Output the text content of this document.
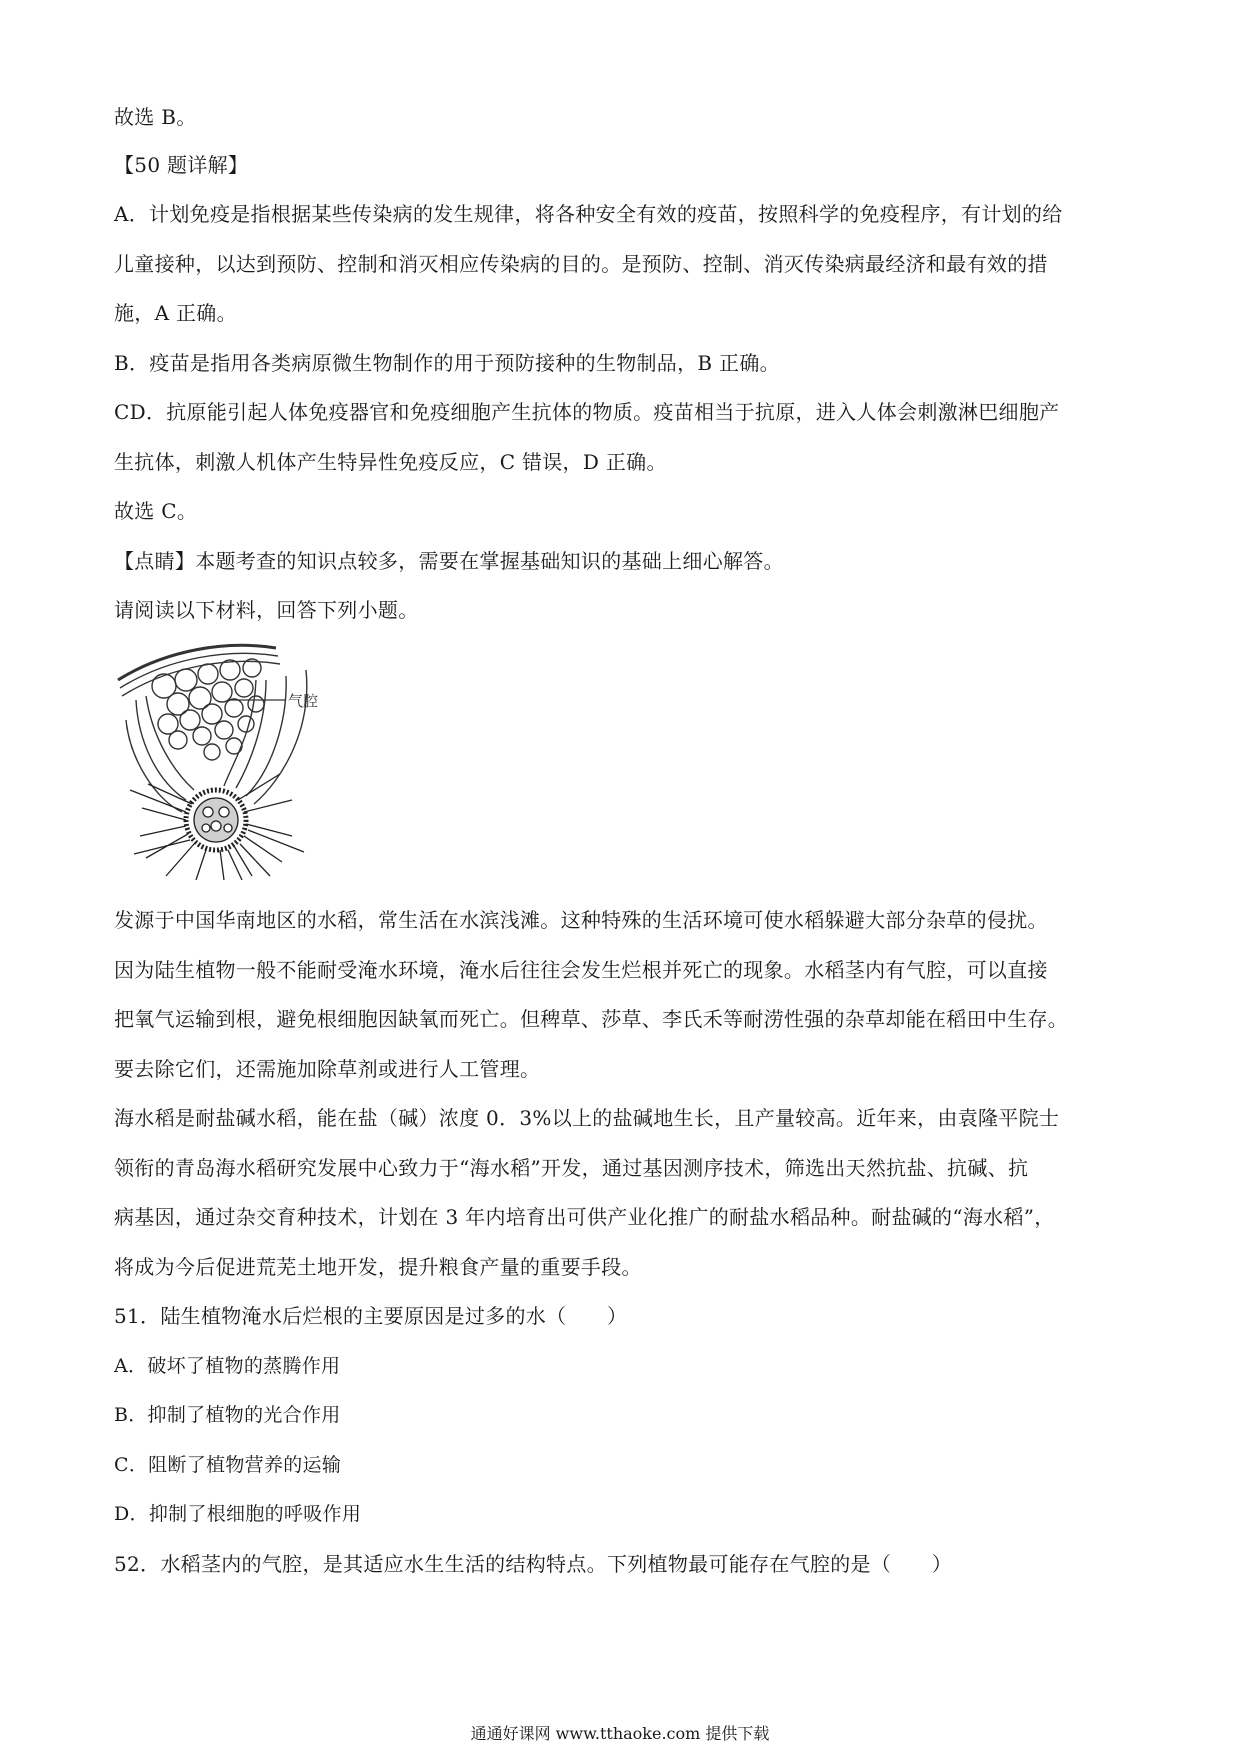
故选 B。
【50 题详解】
A．计划免疫是指根据某些传染病的发生规律，将各种安全有效的疫苗，按照科学的免疫程序，有计划的给
儿童接种，以达到预防、控制和消灭相应传染病的目的。是预防、控制、消灭传染病最经济和最有效的措
施，A 正确。
B．疫苗是指用各类病原微生物制作的用于预防接种的生物制品，B 正确。
CD．抗原能引起人体免疫器官和免疫细胞产生抗体的物质。疫苗相当于抗原，进入人体会刺激淋巴细胞产
生抗体，刺激人机体产生特异性免疫反应，C 错误，D 正确。
故选 C。
【点睛】本题考查的知识点较多，需要在掌握基础知识的基础上细心解答。
请阅读以下材料，回答下列小题。
气腔
发源于中国华南地区的水稻，常生活在水滨浅滩。这种特殊的生活环境可使水稻躲避大部分杂草的侵扰。
因为陆生植物一般不能耐受淹水环境，淹水后往往会发生烂根并死亡的现象。水稻茎内有气腔，可以直接
把氧气运输到根，避免根细胞因缺氧而死亡。但稗草、莎草、李氏禾等耐涝性强的杂草却能在稻田中生存。
要去除它们，还需施加除草剂或进行人工管理。
海水稻是耐盐碱水稻，能在盐（碱）浓度 0．3%以上的盐碱地生长，且产量较高。近年来，由袁隆平院士
领衔的青岛海水稻研究发展中心致力于“海水稻”开发，通过基因测序技术，筛选出天然抗盐、抗碱、抗
病基因，通过杂交育种技术，计划在 3 年内培育出可供产业化推广的耐盐水稻品种。耐盐碱的“海水稻”，
将成为今后促进荒芜土地开发，提升粮食产量的重要手段。
51．陆生植物淹水后烂根的主要原因是过多的水（　　）
A．破坏了植物的蒸腾作用
B．抑制了植物的光合作用
C．阻断了植物营养的运输
D．抑制了根细胞的呼吸作用
52．水稻茎内的气腔，是其适应水生生活的结构特点。下列植物最可能存在气腔的是（　　）
通通好课网 www.tthaoke.com 提供下载
